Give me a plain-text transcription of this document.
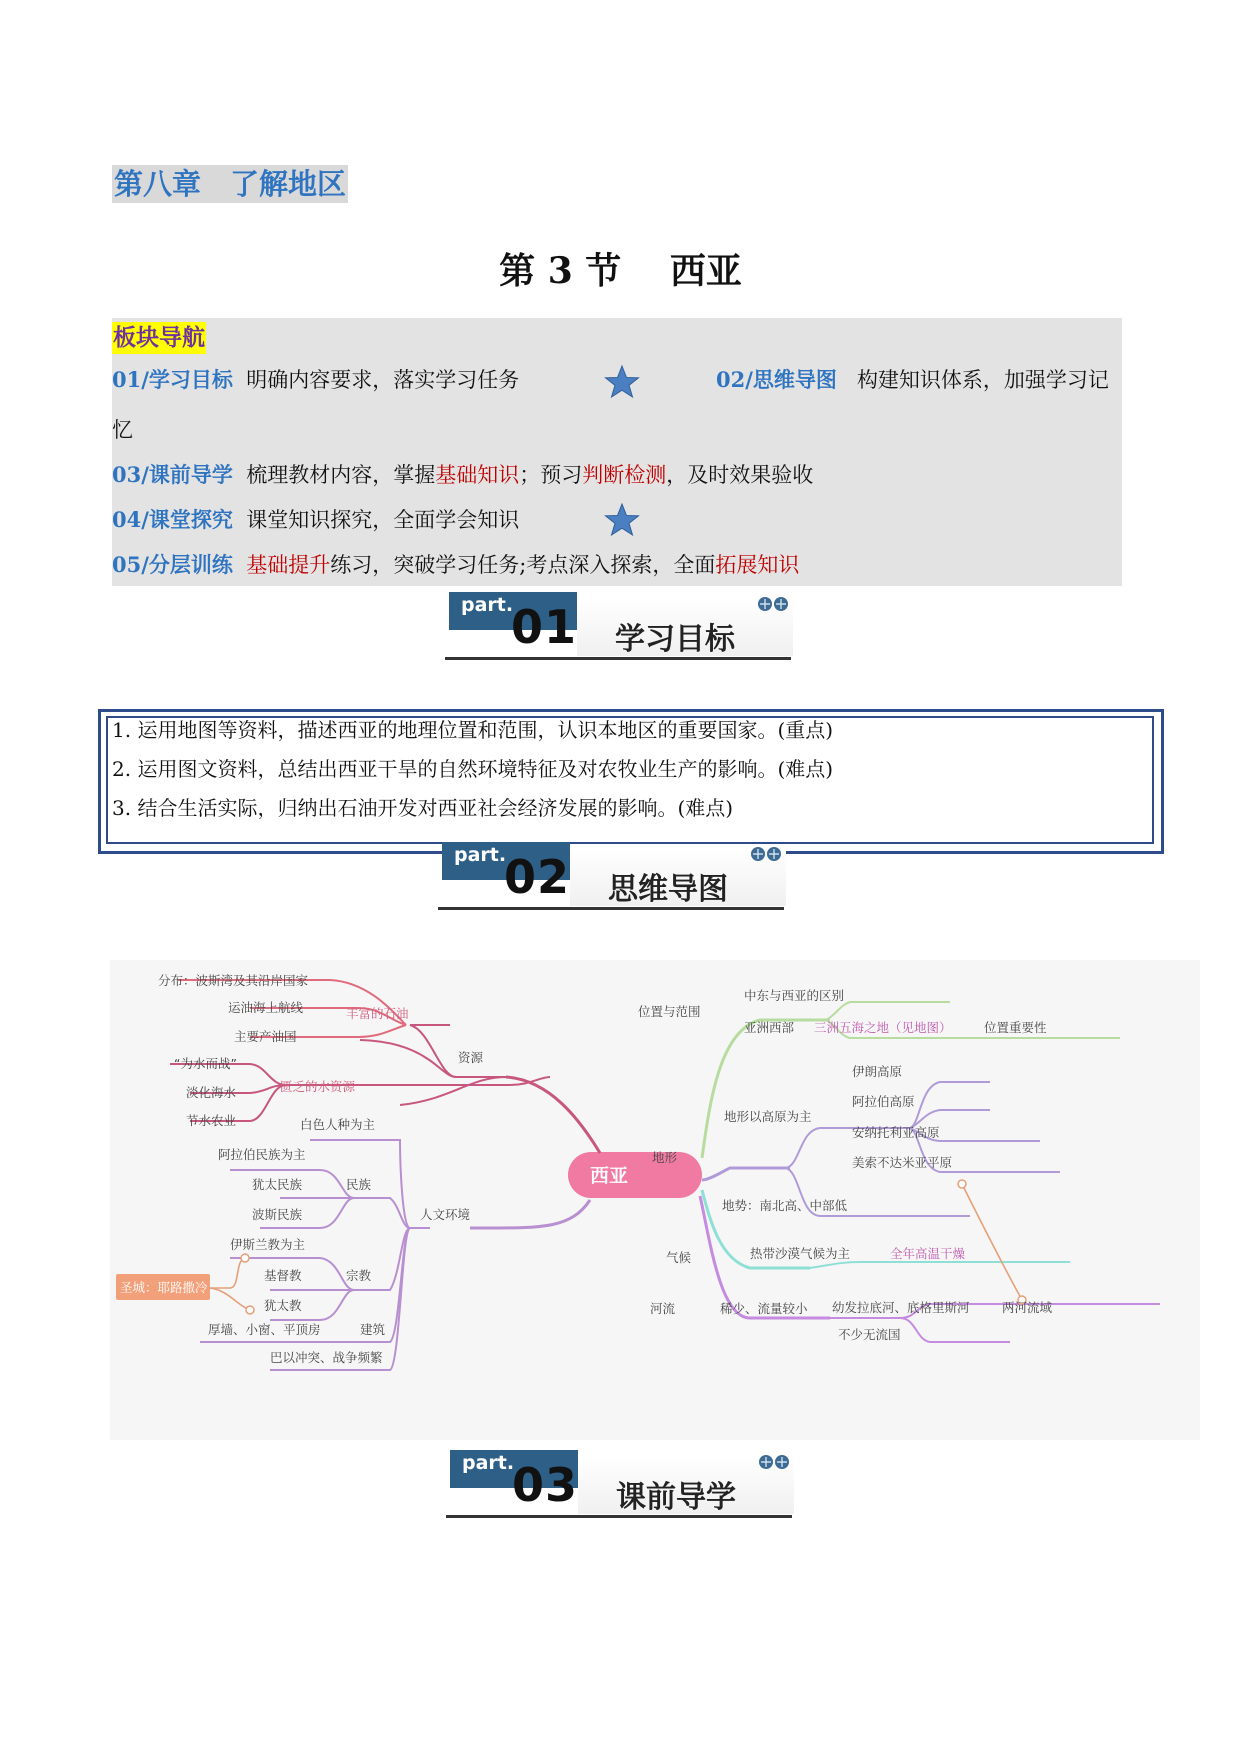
第八章　了解地区
第 3 节　 西亚
板块导航
01/学习目标 明确内容要求，落实学习任务	02/思维导图 构建知识体系，加强学习记
忆
03/课前导学 梳理教材内容，掌握基础知识；预习判断检测，及时效果验收
04/课堂探究 课堂知识探究，全面学会知识
05/分层训练 基础提升练习，突破学习任务;考点深入探索，全面拓展知识
part.
01 学习目标
1. 运用地图等资料，描述西亚的地理位置和范围，认识本地区的重要国家。(重点)
2. 运用图文资料，总结出西亚干旱的自然环境特征及对农牧业生产的影响。(难点)
3. 结合生活实际，归纳出石油开发对西亚社会经济发展的影响。(难点)
part.
02 思维导图
西亚
资源
丰富的石油
分布：波斯湾及其沿岸国家
运油海上航线
主要产油国
匮乏的水资源
“为水而战”
淡化海水
节水农业
人文环境
白色人种为主
民族
阿拉伯民族为主
犹太民族
波斯民族
宗教
伊斯兰教为主
基督教
犹太教
圣城：耶路撒冷
建筑
厚墙、小窗、平顶房
巴以冲突、战争频繁
位置与范围
中东与西亚的区别
亚洲西部 三洲五海之地（见地图）	位置重要性
地形
地形以高原为主
伊朗高原
阿拉伯高原
安纳托利亚高原
美索不达米亚平原
地势：南北高、中部低
气候	热带沙漠气候为主	全年高温干燥
河流	稀少、流量较小 幼发拉底河、底格里斯河	两河流域
不少无流国
part.
03 课前导学
